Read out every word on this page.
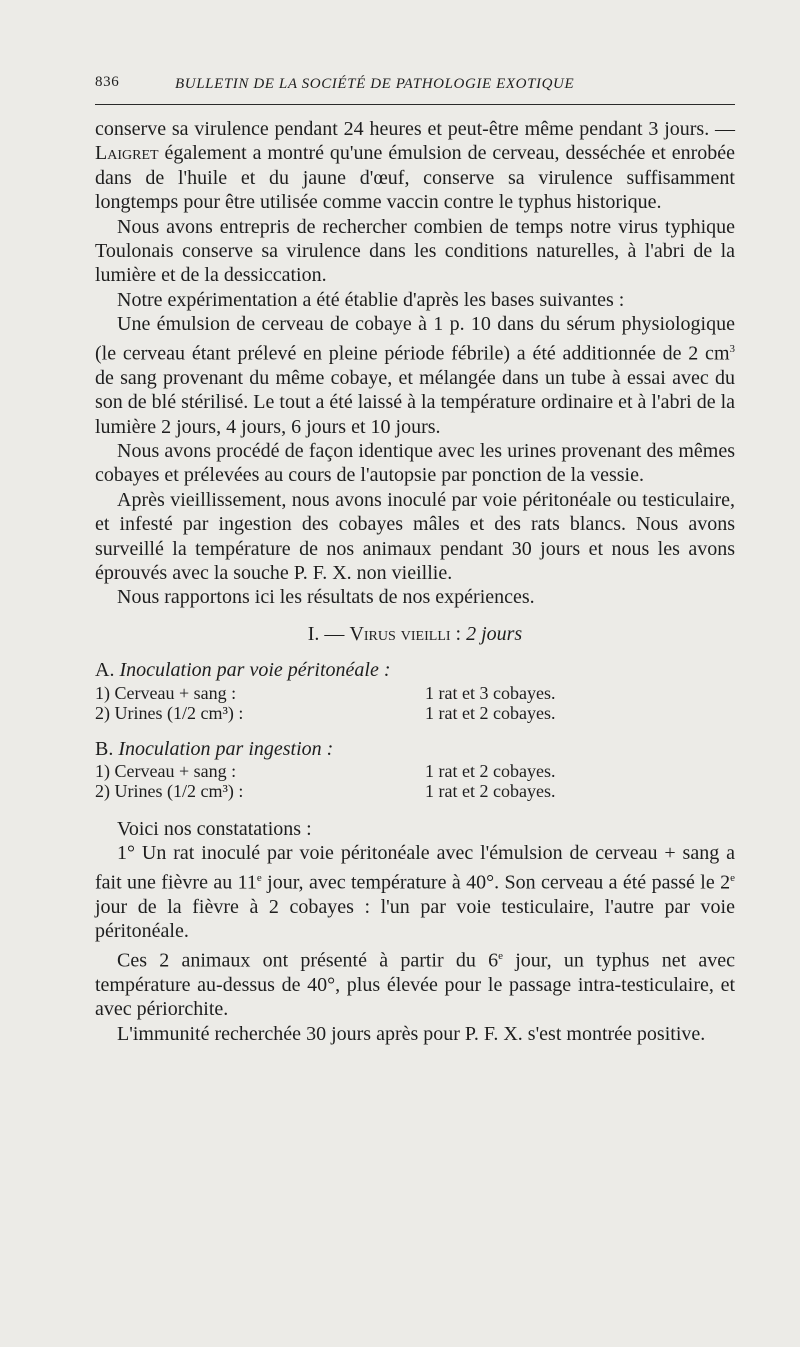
836	BULLETIN DE LA SOCIÉTÉ DE PATHOLOGIE EXOTIQUE

conserve sa virulence pendant 24 heures et peut-être même pendant 3 jours. — Laigret également a montré qu'une émulsion de cerveau, desséchée et enrobée dans de l'huile et du jaune d'œuf, conserve sa virulence suffisamment longtemps pour être utilisée comme vaccin contre le typhus historique.

Nous avons entrepris de rechercher combien de temps notre virus typhique Toulonais conserve sa virulence dans les conditions naturelles, à l'abri de la lumière et de la dessiccation.

Notre expérimentation a été établie d'après les bases suivantes :

Une émulsion de cerveau de cobaye à 1 p. 10 dans du sérum physiologique (le cerveau étant prélevé en pleine période fébrile) a été additionnée de 2 $cm^3$ de sang provenant du même cobaye, et mélangée dans un tube à essai avec du son de blé stérilisé. Le tout a été laissé à la température ordinaire et à l'abri de la lumière 2 jours, 4 jours, 6 jours et 10 jours.

Nous avons procédé de façon identique avec les urines provenant des mêmes cobayes et prélevées au cours de l'autopsie par ponction de la vessie.

Après vieillissement, nous avons inoculé par voie péritonéale ou testiculaire, et infesté par ingestion des cobayes mâles et des rats blancs. Nous avons surveillé la température de nos animaux pendant 30 jours et nous les avons éprouvés avec la souche P. F. X. non vieillie.

Nous rapportons ici les résultats de nos expériences.

I. — Virus vieilli : 2 jours

A. Inoculation par voie péritonéale :

1) Cerveau + sang :	1 rat et 3 cobayes.

2) Urines (1/2 cm³) :	1 rat et 2 cobayes.

B. Inoculation par ingestion :

1) Cerveau + sang :	1 rat et 2 cobayes.

2) Urines (1/2 cm³) :	1 rat et 2 cobayes.

Voici nos constatations :

1° Un rat inoculé par voie péritonéale avec l'émulsion de cerveau + sang a fait une fièvre au 11e jour, avec température à 40°. Son cerveau a été passé le 2e jour de la fièvre à 2 cobayes : l'un par voie testiculaire, l'autre par voie péritonéale.

Ces 2 animaux ont présenté à partir du 6e jour, un typhus net avec température au-dessus de 40°, plus élevée pour le passage intra-testiculaire, et avec périorchite.

L'immunité recherchée 30 jours après pour P. F. X. s'est montrée positive.
